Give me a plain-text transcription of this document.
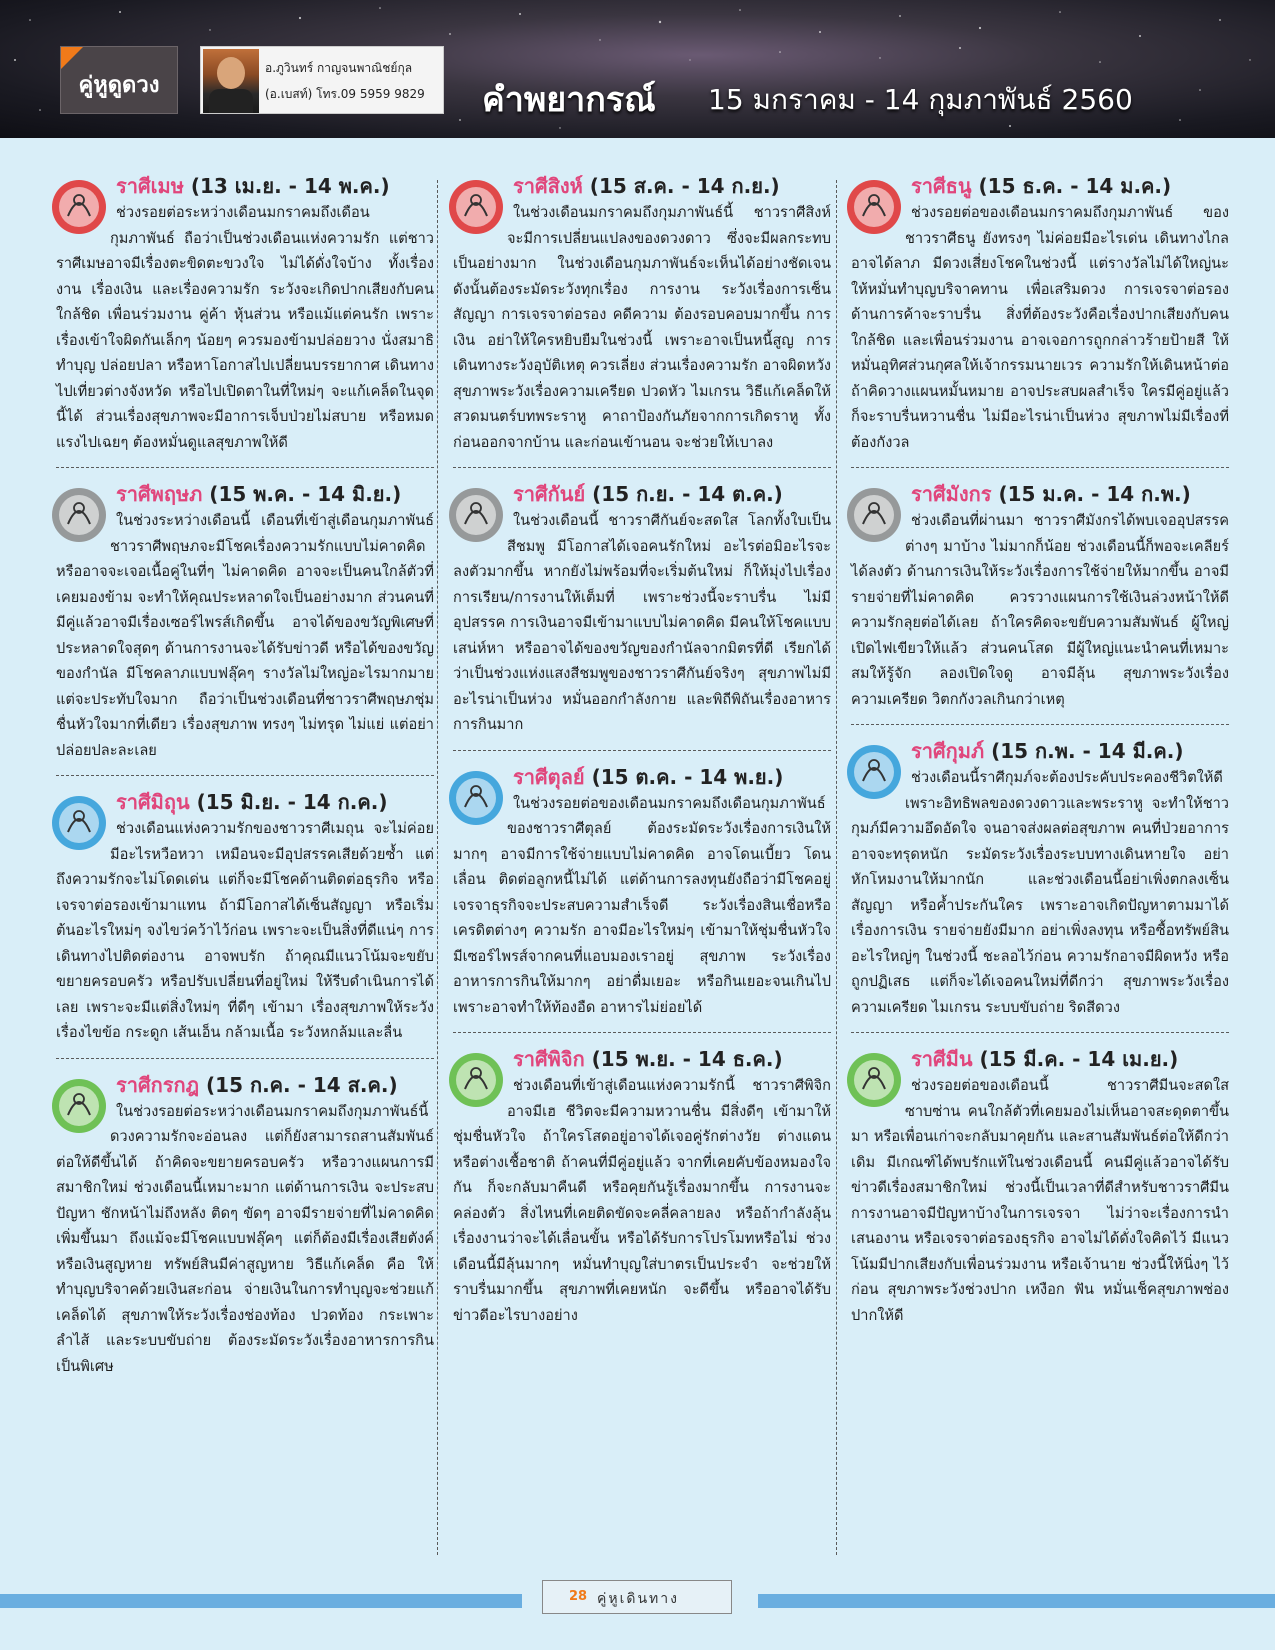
คู่หูดูดวง
อ.ภูวินทร์ กาญจนพาณิชย์กุล
(อ.เบสท์) โทร.09 5959 9829 คำพยากรณ์ 15 มกราคม - 14 กุมภาพันธ์ 2560
ราศีเมษ (13 เม.ย. - 14 พ.ค.)
ช่วงรอยต่อระหว่างเดือนมกราคมถึงเดือนกุมภาพันธ์ ถือว่าเป็นช่วงเดือนแห่งความรัก แต่ชาวราศีเมษอาจมีเรื่องตะขิดตะขวงใจ ไม่ได้ดั่งใจบ้าง ทั้งเรื่องงาน เรื่องเงิน และเรื่องความรัก ระวังจะเกิดปากเสียงกับคนใกล้ชิด เพื่อนร่วมงาน คู่ค้า หุ้นส่วน หรือแม้แต่คนรัก เพราะเรื่องเข้าใจผิดกันเล็กๆ น้อยๆ ควรมองข้ามปล่อยวาง นั่งสมาธิ ทำบุญ ปล่อยปลา หรือหาโอกาสไปเปลี่ยนบรรยากาศ เดินทางไปเที่ยวต่างจังหวัด หรือไปเปิดตาในที่ใหม่ๆ จะแก้เคล็ดในจุดนี้ได้ ส่วนเรื่องสุขภาพจะมีอาการเจ็บป่วยไม่สบาย หรือหมดแรงไปเฉยๆ ต้องหมั่นดูแลสุขภาพให้ดี
ราศีพฤษภ (15 พ.ค. - 14 มิ.ย.)
ในช่วงระหว่างเดือนนี้ เดือนที่เข้าสู่เดือนกุมภาพันธ์ ชาวราศีพฤษภจะมีโชคเรื่องความรักแบบไม่คาดคิด หรืออาจจะเจอเนื้อคู่ในที่ๆ ไม่คาดคิด อาจจะเป็นคนใกล้ตัวที่เคยมองข้าม จะทำให้คุณประหลาดใจเป็นอย่างมาก ส่วนคนที่มีคู่แล้วอาจมีเรื่องเซอร์ไพรส์เกิดขึ้น อาจได้ของขวัญพิเศษที่ประหลาดใจสุดๆ ด้านการงานจะได้รับข่าวดี หรือได้ของขวัญของกำนัล มีโชคลาภแบบฟลุ๊คๆ รางวัลไม่ใหญ่อะไรมากมาย แต่จะประทับใจมาก ถือว่าเป็นช่วงเดือนที่ชาวราศีพฤษภชุ่มชื่นหัวใจมากที่เดียว เรื่องสุขภาพ ทรงๆ ไม่ทรุด ไม่แย่ แต่อย่าปล่อยปละละเลย
ราศีมิถุน (15 มิ.ย. - 14 ก.ค.)
ช่วงเดือนแห่งความรักของชาวราศีเมถุน จะไม่ค่อยมีอะไรหวือหวา เหมือนจะมีอุปสรรคเสียด้วยซ้ำ แต่ถึงความรักจะไม่โดดเด่น แต่ก็จะมีโชคด้านติดต่อธุรกิจ หรือเจรจาต่อรองเข้ามาแทน ถ้ามีโอกาสได้เซ็นสัญญา หรือเริ่มต้นอะไรใหม่ๆ จงไขว่คว้าไว้ก่อน เพราะจะเป็นสิ่งที่ดีแน่ๆ การเดินทางไปติดต่องาน อาจพบรัก ถ้าคุณมีแนวโน้มจะขยับขยายครอบครัว หรือปรับเปลี่ยนที่อยู่ใหม่ ให้รีบดำเนินการได้เลย เพราะจะมีแต่สิ่งใหม่ๆ ที่ดีๆ เข้ามา เรื่องสุขภาพให้ระวังเรื่องไขข้อ กระดูก เส้นเอ็น กล้ามเนื้อ ระวังหกล้มและลื่น
ราศีกรกฎ (15 ก.ค. - 14 ส.ค.)
ในช่วงรอยต่อระหว่างเดือนมกราคมถึงกุมภาพันธ์นี้ ดวงความรักจะอ่อนลง แต่ก็ยังสามารถสานสัมพันธ์ต่อให้ดีขึ้นได้ ถ้าคิดจะขยายครอบครัว หรือวางแผนการมีสมาชิกใหม่ ช่วงเดือนนี้เหมาะมาก แต่ด้านการเงิน จะประสบปัญหา ชักหน้าไม่ถึงหลัง ติดๆ ขัดๆ อาจมีรายจ่ายที่ไม่คาดคิดเพิ่มขึ้นมา ถึงแม้จะมีโชคแบบฟลุ๊คๆ แต่ก็ต้องมีเรื่องเสียตังค์ หรือเงินสูญหาย ทรัพย์สินมีค่าสูญหาย วิธีแก้เคล็ด คือ ให้ทำบุญบริจาคด้วยเงินสะก่อน จ่ายเงินในการทำบุญจะช่วยแก้เคล็ดได้ สุขภาพให้ระวังเรื่องช่องท้อง ปวดท้อง กระเพาะลำไส้ และระบบขับถ่าย ต้องระมัดระวังเรื่องอาหารการกินเป็นพิเศษ
ราศีสิงห์ (15 ส.ค. - 14 ก.ย.)
ในช่วงเดือนมกราคมถึงกุมภาพันธ์นี้ ชาวราศีสิงห์จะมีการเปลี่ยนแปลงของดวงดาว ซึ่งจะมีผลกระทบเป็นอย่างมาก ในช่วงเดือนกุมภาพันธ์จะเห็นได้อย่างชัดเจน ดังนั้นต้องระมัดระวังทุกเรื่อง การงาน ระวังเรื่องการเซ็นสัญญา การเจรจาต่อรอง คดีความ ต้องรอบคอบมากขึ้น การเงิน อย่าให้ใครหยิบยืมในช่วงนี้ เพราะอาจเป็นหนี้สูญ การเดินทางระวังอุบัติเหตุ ควรเลี่ยง ส่วนเรื่องความรัก อาจผิดหวัง สุขภาพระวังเรื่องความเครียด ปวดหัว ไมเกรน วิธีแก้เคล็ดให้สวดมนตร์บทพระราหู คาถาป้องกันภัยจากการเกิดราหู ทั้งก่อนออกจากบ้าน และก่อนเข้านอน จะช่วยให้เบาลง
ราศีกันย์ (15 ก.ย. - 14 ต.ค.)
ในช่วงเดือนนี้ ชาวราศีกันย์จะสดใส โลกทั้งใบเป็นสีชมพู มีโอกาสได้เจอคนรักใหม่ อะไรต่อมิอะไรจะลงตัวมากขึ้น หากยังไม่พร้อมที่จะเริ่มต้นใหม่ ก็ให้มุ่งไปเรื่องการเรียน/การงานให้เต็มที่ เพราะช่วงนี้จะราบรื่น ไม่มีอุปสรรค การเงินอาจมีเข้ามาแบบไม่คาดคิด มีคนให้โชคแบบเสน่ห์หา หรืออาจได้ของขวัญของกำนัลจากมิตรที่ดี เรียกได้ว่าเป็นช่วงแห่งแสงสีชมพูของชาวราศีกันย์จริงๆ สุขภาพไม่มีอะไรน่าเป็นห่วง หมั่นออกกำลังกาย และพิถีพิถันเรื่องอาหารการกินมาก
ราศีตุลย์ (15 ต.ค. - 14 พ.ย.)
ในช่วงรอยต่อของเดือนมกราคมถึงเดือนกุมภาพันธ์ของชาวราศีตุลย์ ต้องระมัดระวังเรื่องการเงินให้มากๆ อาจมีการใช้จ่ายแบบไม่คาดคิด อาจโดนเบี้ยว โดนเลื่อน ติดต่อลูกหนี้ไม่ได้ แต่ด้านการลงทุนยังถือว่ามีโชคอยู่ เจรจาธุรกิจจะประสบความสำเร็จดี ระวังเรื่องสินเชื่อหรือเครดิตต่างๆ ความรัก อาจมีอะไรใหม่ๆ เข้ามาให้ชุ่มชื่นหัวใจ มีเซอร์ไพรส์จากคนที่แอบมองเราอยู่ สุขภาพ ระวังเรื่องอาหารการกินให้มากๆ อย่าดื่มเยอะ หรือกินเยอะจนเกินไป เพราะอาจทำให้ท้องอืด อาหารไม่ย่อยได้
ราศีพิจิก (15 พ.ย. - 14 ธ.ค.)
ช่วงเดือนที่เข้าสู่เดือนแห่งความรักนี้ ชาวราศีพิจิกอาจมีเฮ ชีวิตจะมีความหวานชื่น มีสิ่งดีๆ เข้ามาให้ชุ่มชื่นหัวใจ ถ้าใครโสดอยู่อาจได้เจอคู่รักต่างวัย ต่างแดน หรือต่างเชื้อชาติ ถ้าคนที่มีคู่อยู่แล้ว จากที่เคยคับข้องหมองใจกัน ก็จะกลับมาคืนดี หรือคุยกันรู้เรื่องมากขึ้น การงานจะคล่องตัว สิ่งไหนที่เคยติดขัดจะคลี่คลายลง หรือถ้ากำลังลุ้นเรื่องงานว่าจะได้เลื่อนขั้น หรือได้รับการโปรโมทหรือไม่ ช่วงเดือนนี้มีลุ้นมากๆ หมั่นทำบุญใส่บาตรเป็นประจำ จะช่วยให้ราบรื่นมากขึ้น สุขภาพที่เคยหนัก จะดีขึ้น หรืออาจได้รับข่าวดีอะไรบางอย่าง
ราศีธนู (15 ธ.ค. - 14 ม.ค.)
ช่วงรอยต่อของเดือนมกราคมถึงกุมภาพันธ์ ของชาวราศีธนู ยังทรงๆ ไม่ค่อยมีอะไรเด่น เดินทางไกลอาจได้ลาภ มีดวงเสี่ยงโชคในช่วงนี้ แต่รางวัลไม่ได้ใหญ่นะ ให้หมั่นทำบุญบริจาคทาน เพื่อเสริมดวง การเจรจาต่อรองด้านการค้าจะราบรื่น สิ่งที่ต้องระวังคือเรื่องปากเสียงกับคนใกล้ชิด และเพื่อนร่วมงาน อาจเจอการถูกกล่าวร้ายป้ายสี ให้หมั่นอุทิศส่วนกุศลให้เจ้ากรรมนายเวร ความรักให้เดินหน้าต่อ ถ้าคิดวางแผนหมั้นหมาย อาจประสบผลสำเร็จ ใครมีคู่อยู่แล้ว ก็จะราบรื่นหวานชื่น ไม่มีอะไรน่าเป็นห่วง สุขภาพไม่มีเรื่องที่ต้องกังวล
ราศีมังกร (15 ม.ค. - 14 ก.พ.)
ช่วงเดือนที่ผ่านมา ชาวราศีมังกรได้พบเจออุปสรรคต่างๆ มาบ้าง ไม่มากก็น้อย ช่วงเดือนนี้ก็พอจะเคลียร์ได้ลงตัว ด้านการเงินให้ระวังเรื่องการใช้จ่ายให้มากขึ้น อาจมีรายจ่ายที่ไม่คาดคิด ควรวางแผนการใช้เงินล่วงหน้าให้ดี ความรักลุยต่อได้เลย ถ้าใครคิดจะขยับความสัมพันธ์ ผู้ใหญ่เปิดไฟเขียวให้แล้ว ส่วนคนโสด มีผู้ใหญ่แนะนำคนที่เหมาะสมให้รู้จัก ลองเปิดใจดู อาจมีลุ้น สุขภาพระวังเรื่องความเครียด วิตกกังวลเกินกว่าเหตุ
ราศีกุมภ์ (15 ก.พ. - 14 มี.ค.)
ช่วงเดือนนี้ราศีกุมภ์จะต้องประคับประคองชีวิตให้ดี เพราะอิทธิพลของดวงดาวและพระราหู จะทำให้ชาวกุมภ์มีความอึดอัดใจ จนอาจส่งผลต่อสุขภาพ คนที่ป่วยอาการอาจจะทรุดหนัก ระมัดระวังเรื่องระบบทางเดินหายใจ อย่าหักโหมงานให้มากนัก และช่วงเดือนนี้อย่าเพิ่งตกลงเซ็นสัญญา หรือค้ำประกันใคร เพราะอาจเกิดปัญหาตามมาได้ เรื่องการเงิน รายจ่ายยังมีมาก อย่าเพิ่งลงทุน หรือซื้อทรัพย์สินอะไรใหญ่ๆ ในช่วงนี้ ชะลอไว้ก่อน ความรักอาจมีผิดหวัง หรือถูกปฏิเสธ แต่ก็จะได้เจอคนใหม่ที่ดีกว่า สุขภาพระวังเรื่องความเครียด ไมเกรน ระบบขับถ่าย ริดสีดวง
ราศีมีน (15 มี.ค. - 14 เม.ย.)
ช่วงรอยต่อของเดือนนี้ ชาวราศีมีนจะสดใส ซาบซ่าน คนใกล้ตัวที่เคยมองไม่เห็นอาจสะดุดตาขึ้นมา หรือเพื่อนเก่าจะกลับมาคุยกัน และสานสัมพันธ์ต่อให้ดีกว่าเดิม มีเกณฑ์ได้พบรักแท้ในช่วงเดือนนี้ คนมีคู่แล้วอาจได้รับข่าวดีเรื่องสมาชิกใหม่ ช่วงนี้เป็นเวลาที่ดีสำหรับชาวราศีมีน การงานอาจมีปัญหาบ้างในการเจรจา ไม่ว่าจะเรื่องการนำเสนองาน หรือเจรจาต่อรองธุรกิจ อาจไม่ได้ดั่งใจคิดไว้ มีแนวโน้มมีปากเสียงกับเพื่อนร่วมงาน หรือเจ้านาย ช่วงนี้ให้นิ่งๆ ไว้ก่อน สุขภาพระวังช่วงปาก เหงือก ฟัน หมั่นเช็คสุขภาพช่องปากให้ดี
28 คู่หูเดินทาง
